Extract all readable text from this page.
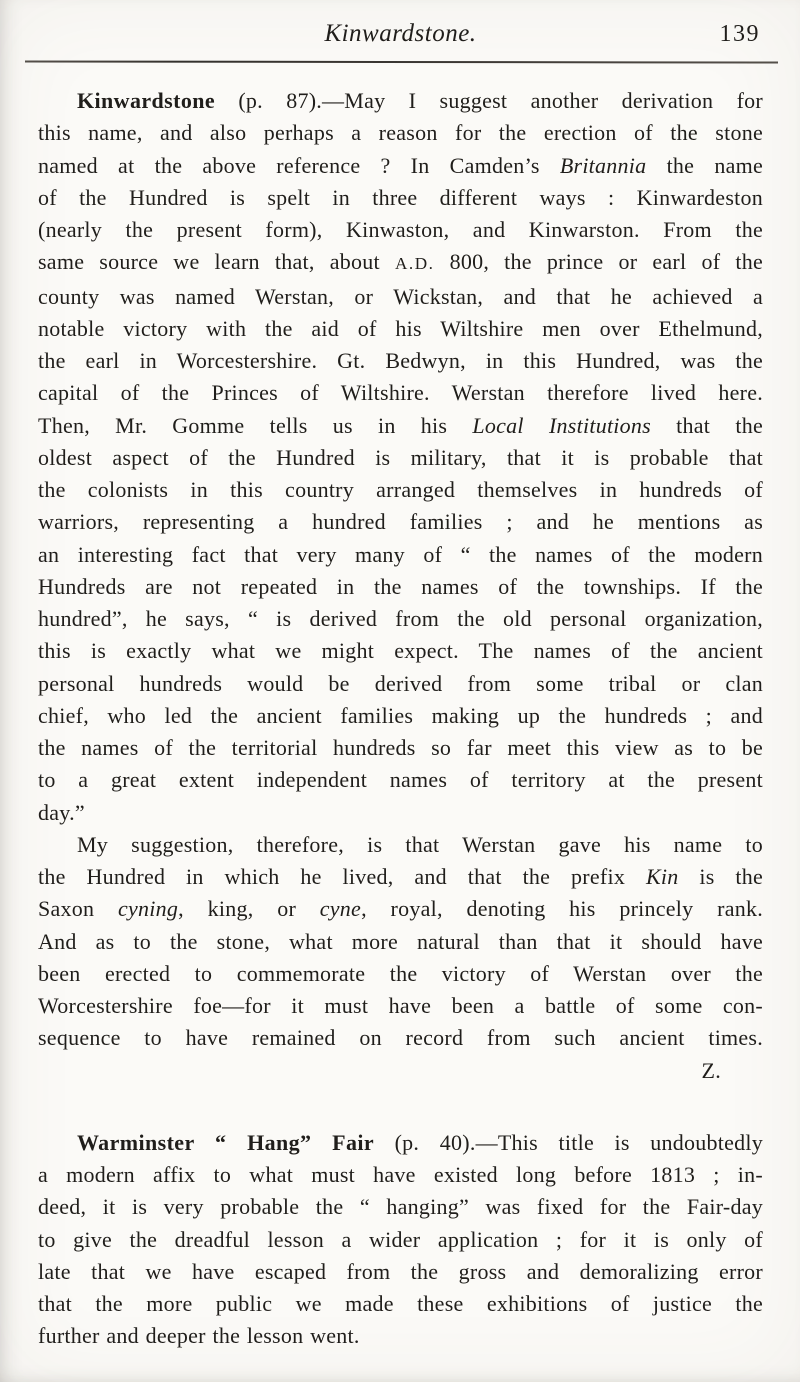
Kinwardstone.	139
Kinwardstone (p. 87).—May I suggest another derivation for
this name, and also perhaps a reason for the erection of the stone
named at the above reference ? In Camden’s Britannia the name
of the Hundred is spelt in three different ways : Kinwardeston
(nearly the present form), Kinwaston, and Kinwarston. From the
same source we learn that, about A.D. 800, the prince or earl of the
county was named Werstan, or Wickstan, and that he achieved a
notable victory with the aid of his Wiltshire men over Ethelmund,
the earl in Worcestershire. Gt. Bedwyn, in this Hundred, was the
capital of the Princes of Wiltshire. Werstan therefore lived here.
Then, Mr. Gomme tells us in his Local Institutions that the
oldest aspect of the Hundred is military, that it is probable that
the colonists in this country arranged themselves in hundreds of
warriors, representing a hundred families ; and he mentions as
an interesting fact that very many of “ the names of the modern
Hundreds are not repeated in the names of the townships. If the
hundred”, he says, “ is derived from the old personal organization,
this is exactly what we might expect. The names of the ancient
personal hundreds would be derived from some tribal or clan
chief, who led the ancient families making up the hundreds ; and
the names of the territorial hundreds so far meet this view as to be
to a great extent independent names of territory at the present
day.”
My suggestion, therefore, is that Werstan gave his name to
the Hundred in which he lived, and that the prefix Kin is the
Saxon cyning, king, or cyne, royal, denoting his princely rank.
And as to the stone, what more natural than that it should have
been erected to commemorate the victory of Werstan over the
Worcestershire foe—for it must have been a battle of some con-
sequence to have remained on record from such ancient times.
Z.
Warminster “ Hang” Fair (p. 40).—This title is undoubtedly
a modern affix to what must have existed long before 1813 ; in-
deed, it is very probable the “ hanging” was fixed for the Fair-day
to give the dreadful lesson a wider application ; for it is only of
late that we have escaped from the gross and demoralizing error
that the more public we made these exhibitions of justice the
further and deeper the lesson went.
